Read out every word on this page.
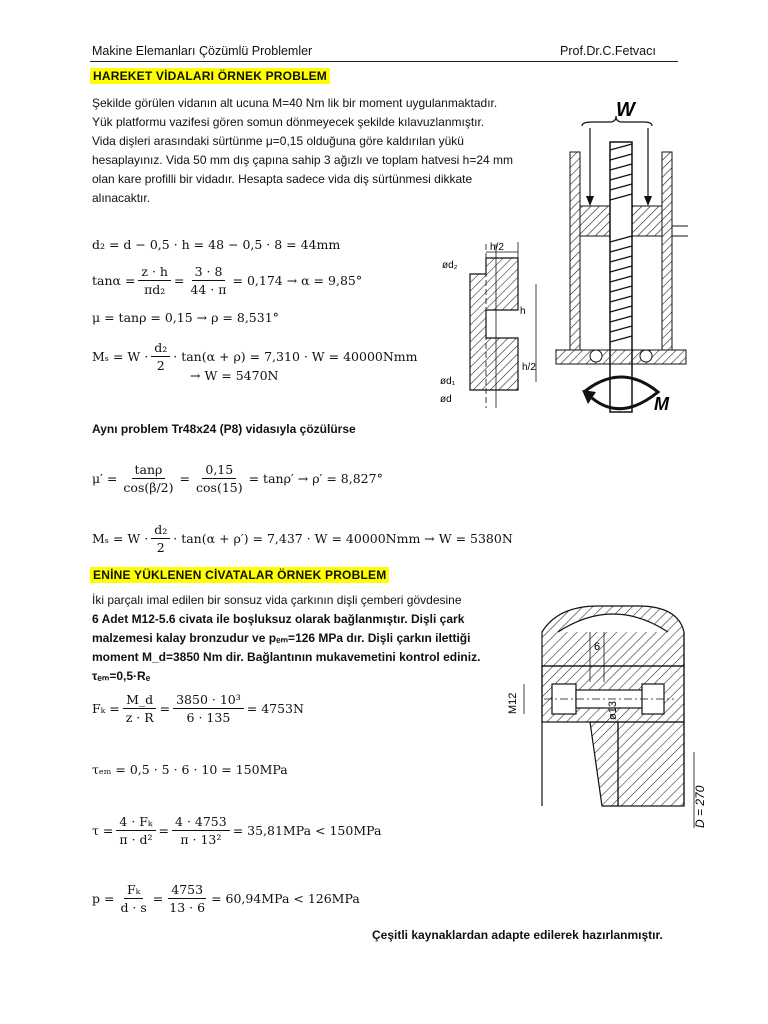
Makine Elemanları Çözümlü Problemler	Prof.Dr.C.Fetvacı
HAREKET VİDALARI ÖRNEK PROBLEM
Şekilde görülen vidanın alt ucuna M=40 Nm lik bir moment uygulanmaktadır.
Yük platformu vazifesi gören somun dönmeyecek şekilde kılavuzlanmıştır.
Vida dişleri arasındaki sürtünme μ=0,15 olduğuna göre kaldırılan yükü
hesaplayınız. Vida 50 mm dış çapına sahip 3 ağızlı ve toplam hatvesi h=24 mm
olan kare profilli bir vidadır. Hesapta sadece vida diş sürtünmesi dikkate
alınacaktır.
d₂ = d − 0,5 · h = 48 − 0,5 · 8 = 44mm
$\tan\alpha = \frac{z \cdot h}{\text{πd₂}} = \frac{3 \cdot 8}{44 \cdot \pi} = 0,174 \to \alpha = 9,85^\circ$
μ = tanρ = 0,15 → ρ = 8,531°
$M_s = W \cdot \frac{\text{d₂}}{2} \cdot \tan(\alpha + \rho) = 7,310 \cdot W = 40000Nmm$
→ W = 5470N
Aynı problem Tr48x24 (P8) vidasıyla çözülürse
$\mu' = \frac{\tan\rho}{\cos(\beta/2)} = \frac{0,15}{\cos(15)} = \tan\rho' \to \rho' = 8,827^\circ$
$M_s = W \cdot \frac{\text{d₂}}{2} \cdot \tan(\alpha + \rho') = 7,437 \cdot W = 40000Nmm \to W = 5380N$
W
M
h/2
h
h/2
ød₂
ød₁
ød
ENİNE YÜKLENEN CİVATALAR ÖRNEK PROBLEM
İki parçalı imal edilen bir sonsuz vida çarkının dişli çemberi gövdesine
6 Adet M12-5.6 civata ile boşluksuz olarak bağlanmıştır. Dişli çark
malzemesi kalay bronzudur ve pₑₘ=126 MPa dır. Dişli çarkın ilettiği
moment M_d=3850 Nm dir. Bağlantının mukavemetini kontrol ediniz.
τₑₘ=0,5·Rₑ
$F_k = \frac{M\_d}{z \cdot R} = \frac{\text{3850 · 10³}}{6 \cdot 135} = 4753N$
τₑₘ = 0,5 · 5 · 6 · 10 = 150MPa
$\tau = \frac{\text{4 · Fₖ}}{\text{π · d²}} = \frac{4 \cdot 4753}{\text{π · 13²}} = 35,81MPa < 150MPa$
$p = \frac{\text{Fₖ}}{d \cdot s} = \frac{4753}{13 \cdot 6} = 60,94MPa < 126MPa$
6
M12	ø13
D = 270
Çeşitli kaynaklardan adapte edilerek hazırlanmıştır.
